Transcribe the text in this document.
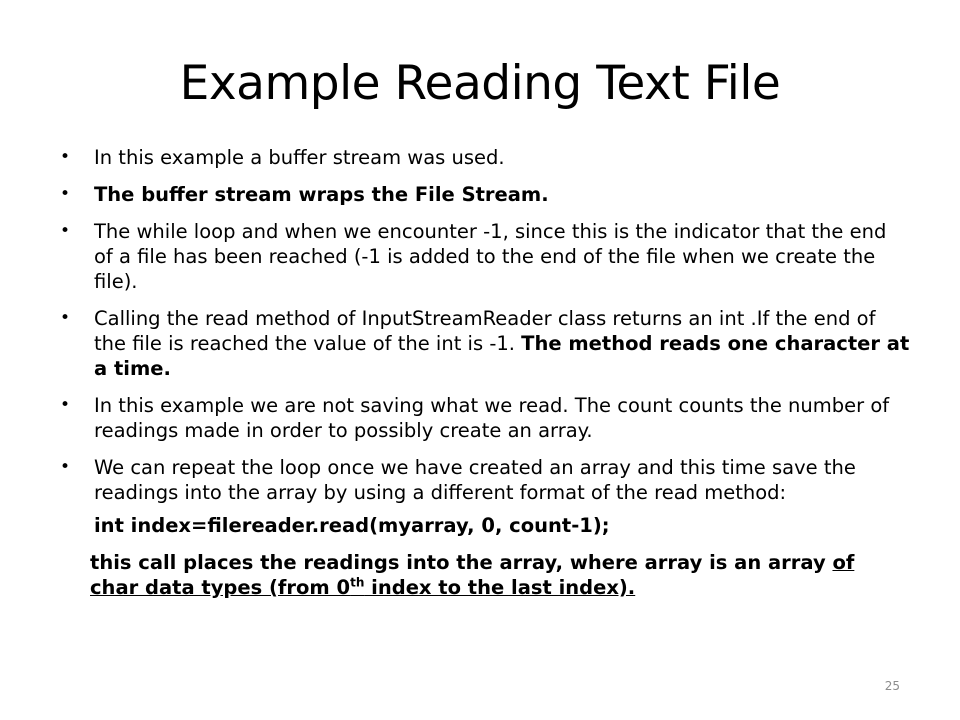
Example Reading Text File
• In this example a buffer stream was used.
• The buffer stream wraps the File Stream.
• The while loop and when we encounter -1, since this is the indicator that the end of a file has been reached (-1 is added to the end of the file when we create the file).
• Calling the read method of InputStreamReader class returns an int .If the end of the file is reached the value of the int is -1. The method reads one character at a time.
• In this example we are not saving what we read. The count counts the number of readings made in order to possibly create an array.
• We can repeat the loop once we have created an array and this time save the readings into the array by using a different format of the read method:
int index=filereader.read(myarray, 0, count-1);
this call places the readings into the array, where array is an array of char data types (from 0th index to the last index).
25
